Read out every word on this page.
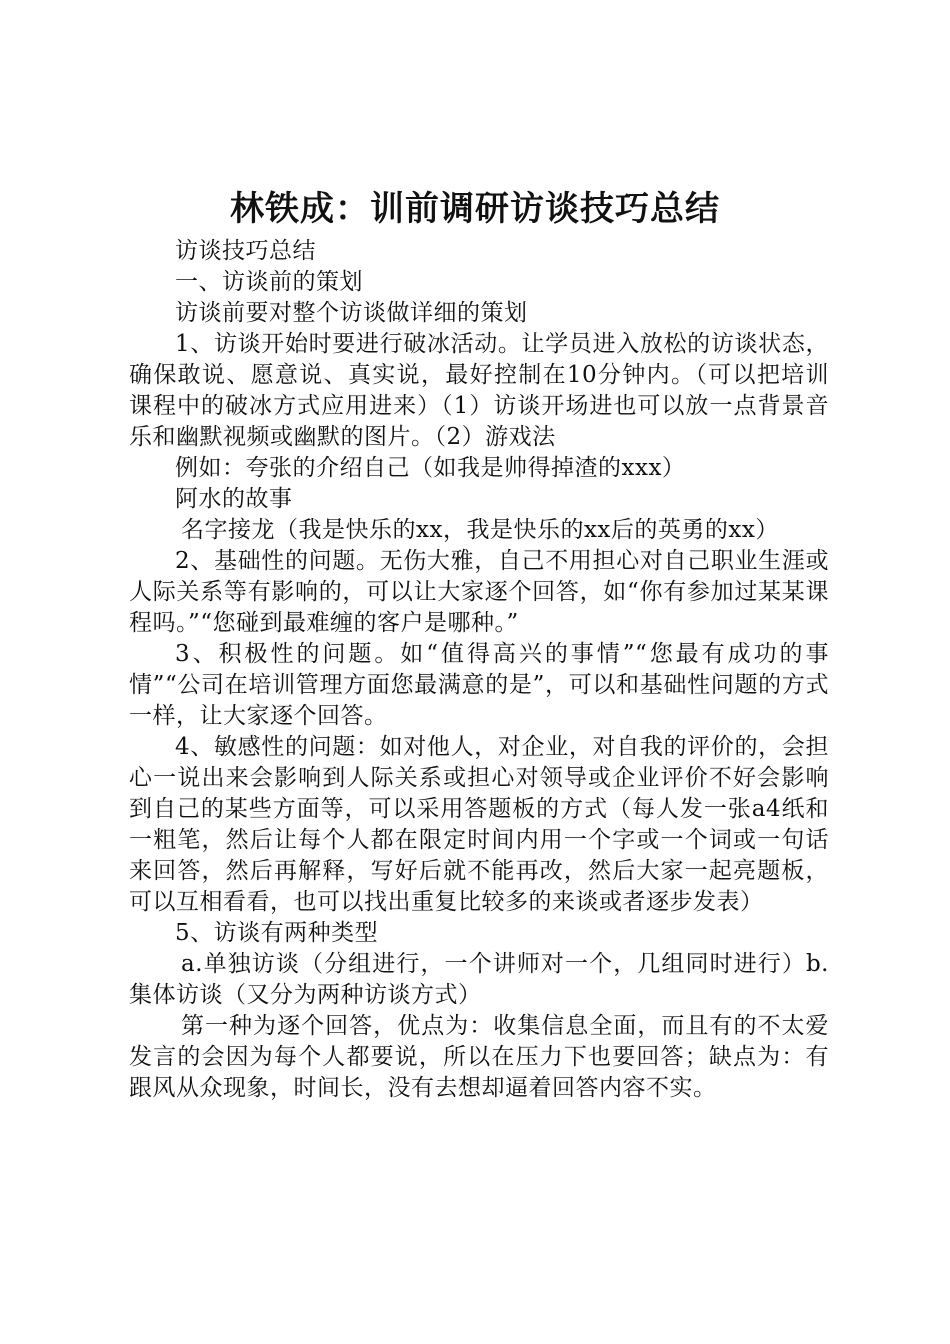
林铁成：训前调研访谈技巧总结

访谈技巧总结

一、访谈前的策划

访谈前要对整个访谈做详细的策划

1、访谈开始时要进行破冰活动。让学员进入放松的访谈状态，确保敢说、愿意说、真实说，最好控制在10分钟内。（可以把培训课程中的破冰方式应用进来）（1）访谈开场进也可以放一点背景音乐和幽默视频或幽默的图片。（2）游戏法

例如：夸张的介绍自己（如我是帅得掉渣的xxx）

阿水的故事

名字接龙（我是快乐的xx，我是快乐的xx后的英勇的xx）

2、基础性的问题。无伤大雅，自己不用担心对自己职业生涯或人际关系等有影响的，可以让大家逐个回答，如“你有参加过某某课程吗。”“您碰到最难缠的客户是哪种。”

3、积极性的问题。如“值得高兴的事情”“您最有成功的事情”“公司在培训管理方面您最满意的是”，可以和基础性问题的方式一样，让大家逐个回答。

4、敏感性的问题：如对他人，对企业，对自我的评价的，会担心一说出来会影响到人际关系或担心对领导或企业评价不好会影响到自己的某些方面等，可以采用答题板的方式（每人发一张a4纸和一粗笔，然后让每个人都在限定时间内用一个字或一个词或一句话来回答，然后再解释，写好后就不能再改，然后大家一起亮题板，可以互相看看，也可以找出重复比较多的来谈或者逐步发表）

5、访谈有两种类型

a.单独访谈（分组进行，一个讲师对一个，几组同时进行）b.集体访谈（又分为两种访谈方式）

第一种为逐个回答，优点为：收集信息全面，而且有的不太爱发言的会因为每个人都要说，所以在压力下也要回答；缺点为：有跟风从众现象，时间长，没有去想却逼着回答内容不实。
